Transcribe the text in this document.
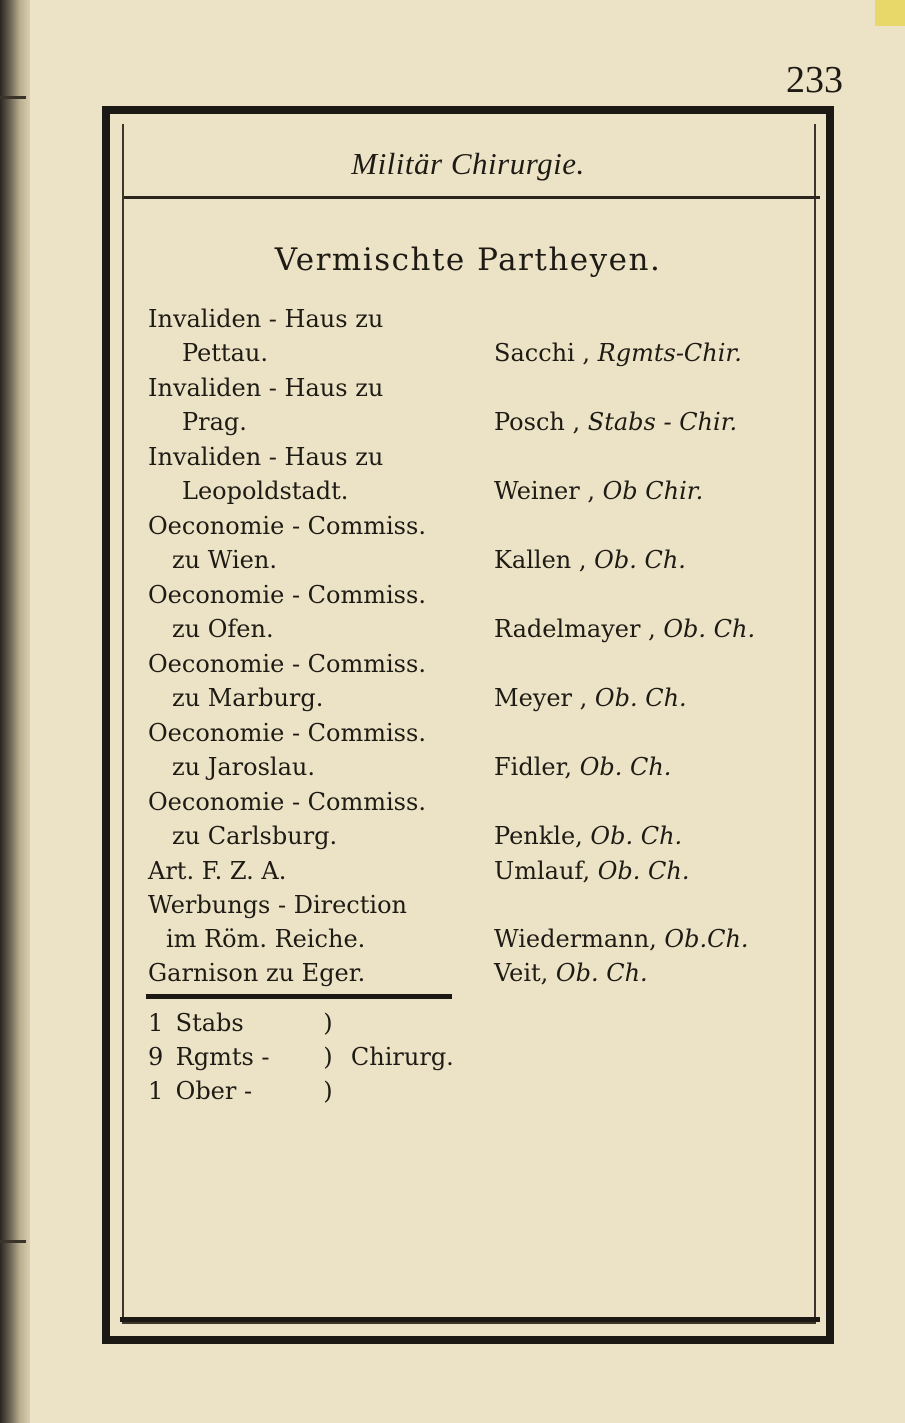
233
Militär Chirurgie.
Vermischte Partheyen.
Invaliden - Haus zu
Pettau.	Sacchi , Rgmts-Chir.
Invaliden - Haus zu
Prag.	Posch , Stabs - Chir.
Invaliden - Haus zu
Leopoldstadt.	Weiner , Ob Chir.
Oeconomie - Commiss.
zu Wien.	Kallen , Ob. Ch.
Oeconomie - Commiss.
zu Ofen.	Radelmayer , Ob. Ch.
Oeconomie - Commiss.
zu Marburg.	Meyer , Ob. Ch.
Oeconomie - Commiss.
zu Jaroslau.	Fidler, Ob. Ch.
Oeconomie - Commiss.
zu Carlsburg.	Penkle, Ob. Ch.
Art. F. Z. A.	Umlauf, Ob. Ch.
Werbungs - Direction
im Röm. Reiche.	Wiedermann, Ob.Ch.
Garnison zu Eger.	Veit, Ob. Ch.
1 Stabs	)
9 Rgmts - ) Chirurg.
1 Ober -	)
